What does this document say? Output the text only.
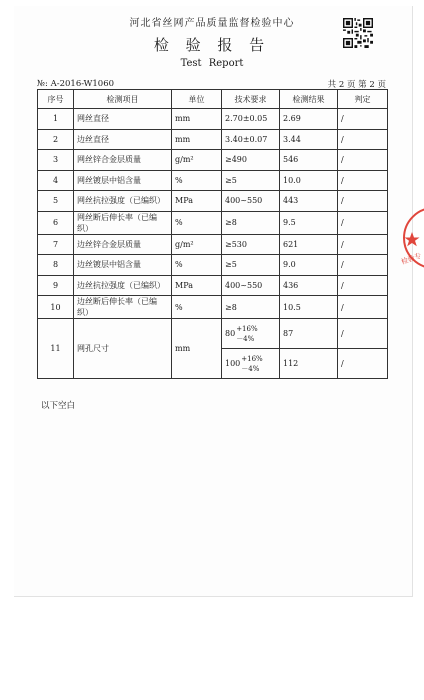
河北省丝网产品质量监督检验中心
检 验 报 告
Test Report
№: A-2016-W1060	共 2 页 第 2 页
序号	检测项目	单位	技术要求	检测结果	判定
1	网丝直径	mm	2.70±0.05	2.69	/
2	边丝直径	mm	3.40±0.07	3.44	/
3	网丝锌合金层质量	g/m²	≥490	546	/
4	网丝镀层中铝含量	%	≥5	10.0	/
5	网丝抗拉强度（已编织）	MPa	400~550	443	/
6	网丝断后伸长率（已编织）	%	≥8	9.5	/
7	边丝锌合金层质量	g/m²	≥530	621	/
8	边丝镀层中铝含量	%	≥5	9.0	/
9	边丝抗拉强度（已编织）	MPa	400~550	436	/
10	边丝断后伸长率（已编织）	%	≥8	10.5	/
11	网孔尺寸	mm	80 +16%
－4%	87	/
			100 +16%
－4%	112	/
以下空白
检验专
